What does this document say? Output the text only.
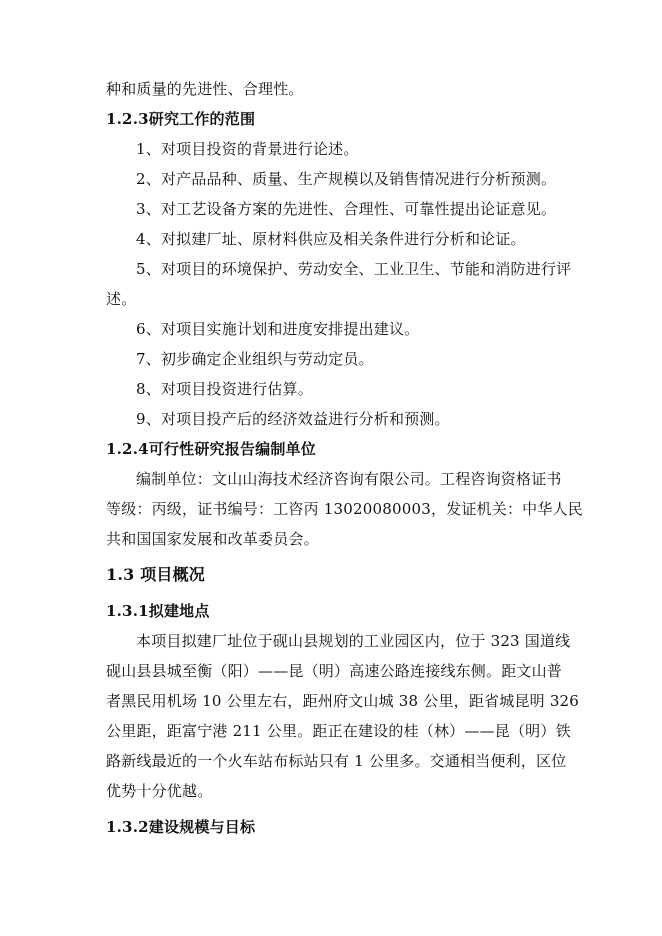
种和质量的先进性、合理性。
1.2.3研究工作的范围
1、对项目投资的背景进行论述。
2、对产品品种、质量、生产规模以及销售情况进行分析预测。
3、对工艺设备方案的先进性、合理性、可靠性提出论证意见。
4、对拟建厂址、原材料供应及相关条件进行分析和论证。
5、对项目的环境保护、劳动安全、工业卫生、节能和消防进行评
述。
6、对项目实施计划和进度安排提出建议。
7、初步确定企业组织与劳动定员。
8、对项目投资进行估算。
9、对项目投产后的经济效益进行分析和预测。
1.2.4可行性研究报告编制单位
编制单位：文山山海技术经济咨询有限公司。工程咨询资格证书
等级：丙级，证书编号：工咨丙 13020080003，发证机关：中华人民
共和国国家发展和改革委员会。
1.3 项目概况
1.3.1拟建地点
本项目拟建厂址位于砚山县规划的工业园区内，位于 323 国道线
砚山县县城至衡（阳）——昆（明）高速公路连接线东侧。距文山普
者黑民用机场 10 公里左右，距州府文山城 38 公里，距省城昆明 326
公里距，距富宁港 211 公里。距正在建设的桂（林）——昆（明）铁
路新线最近的一个火车站布标站只有 1 公里多。交通相当便利，区位
优势十分优越。
1.3.2建设规模与目标
